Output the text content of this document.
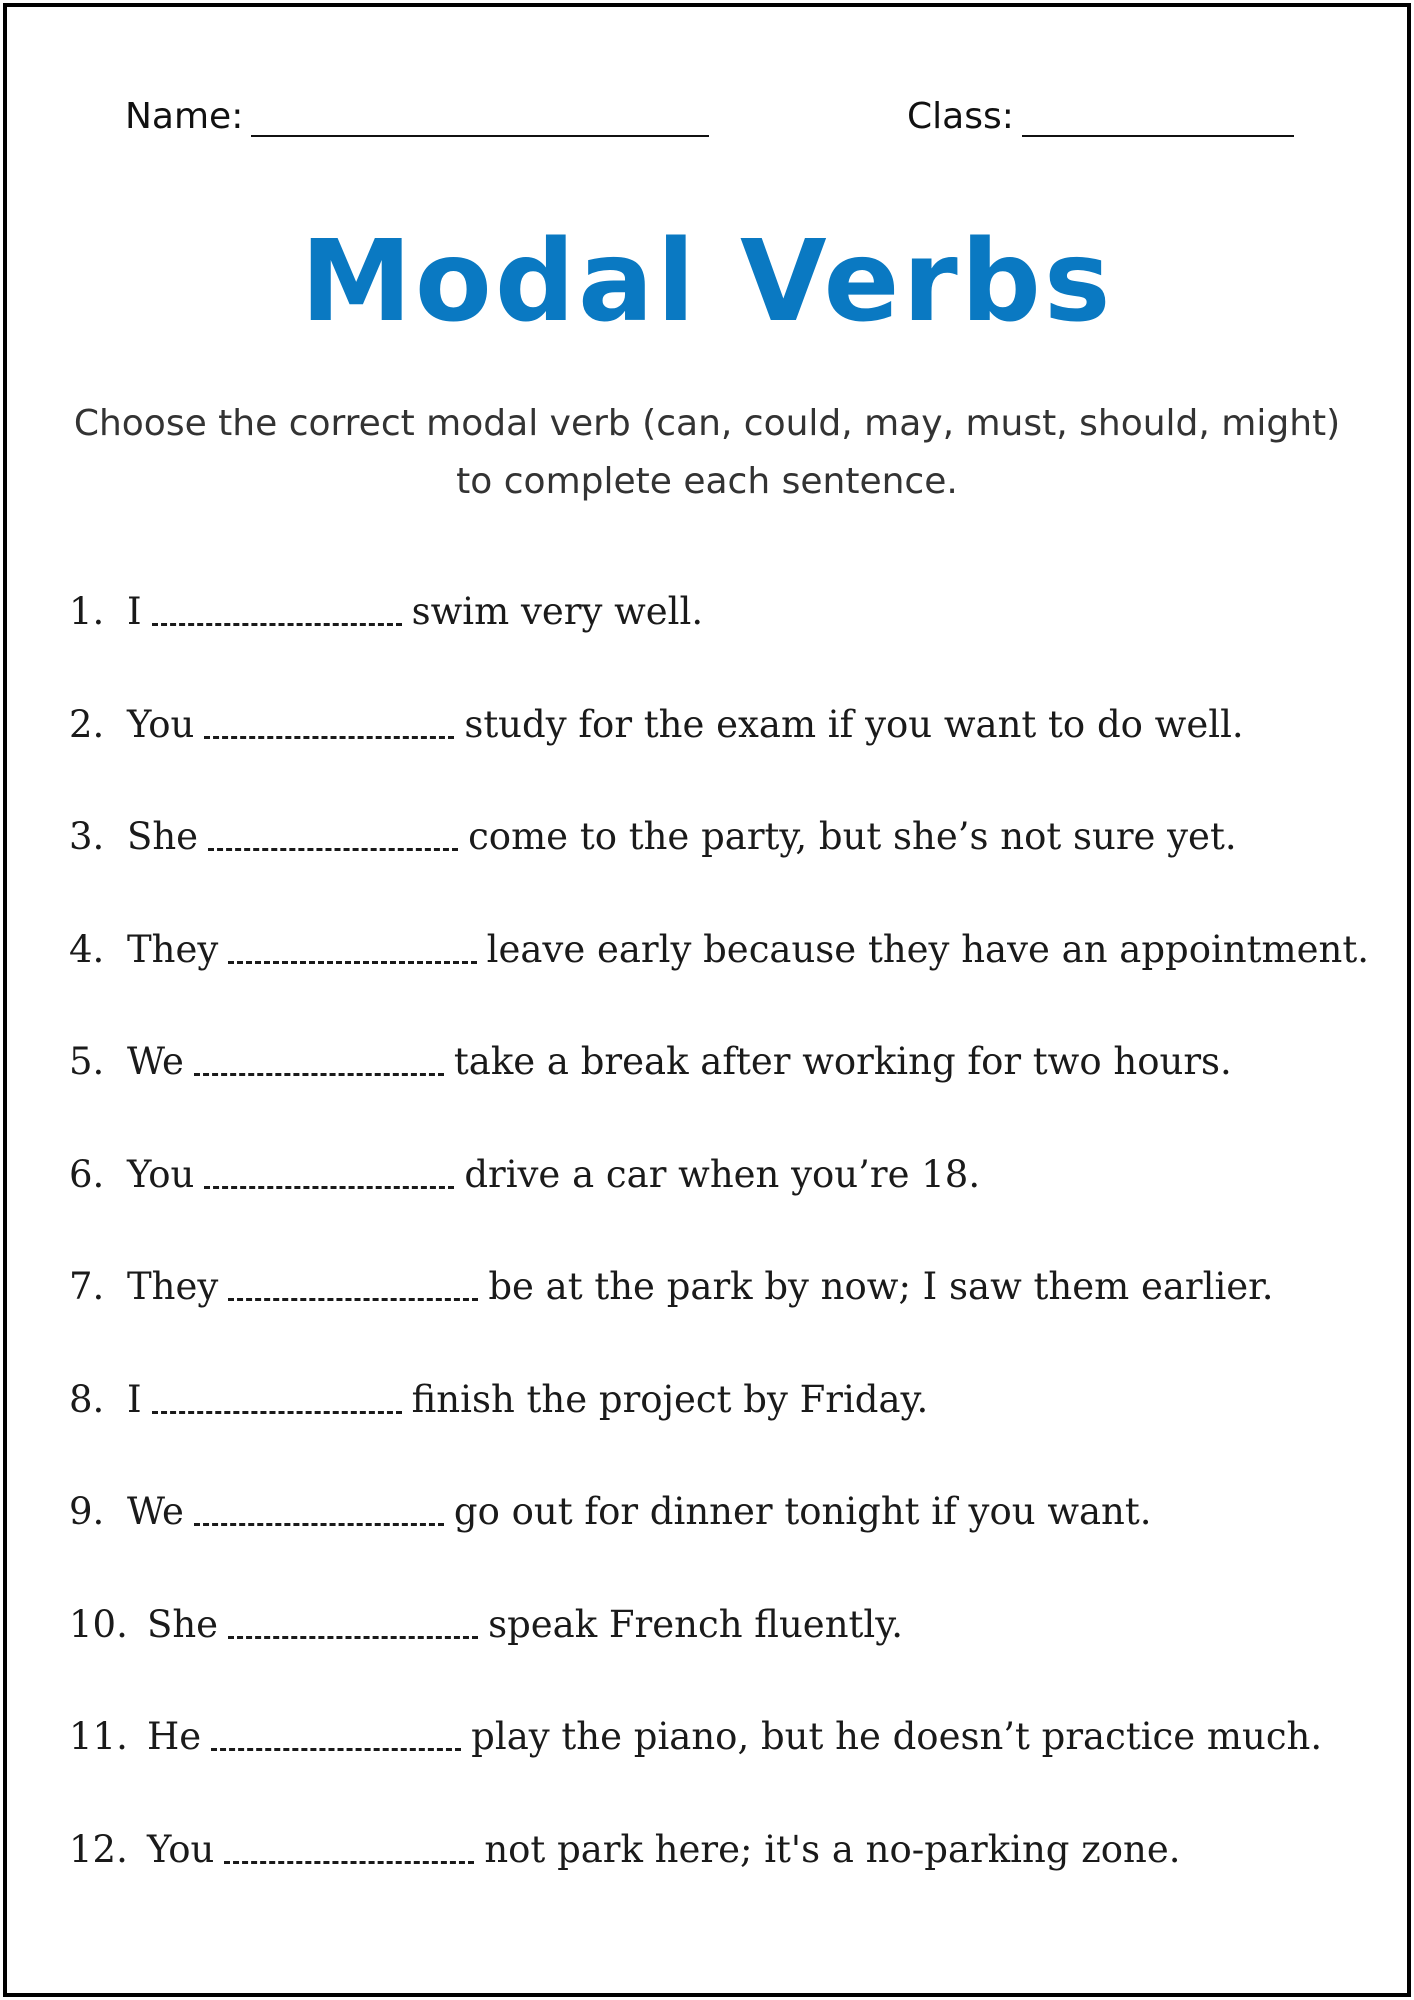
Name:	Class:
Modal Verbs
Choose the correct modal verb (can, could, may, must, should, might)
to complete each sentence.
1. I	swim very well.
2. You	study for the exam if you want to do well.
3. She	come to the party, but she’s not sure yet.
4. They	leave early because they have an appointment.
5. We	take a break after working for two hours.
6. You	drive a car when you’re 18.
7. They	be at the park by now; I saw them earlier.
8. I	finish the project by Friday.
9. We	go out for dinner tonight if you want.
10. She	speak French fluently.
11. He	play the piano, but he doesn’t practice much.
12. You	not park here; it's a no-parking zone.
